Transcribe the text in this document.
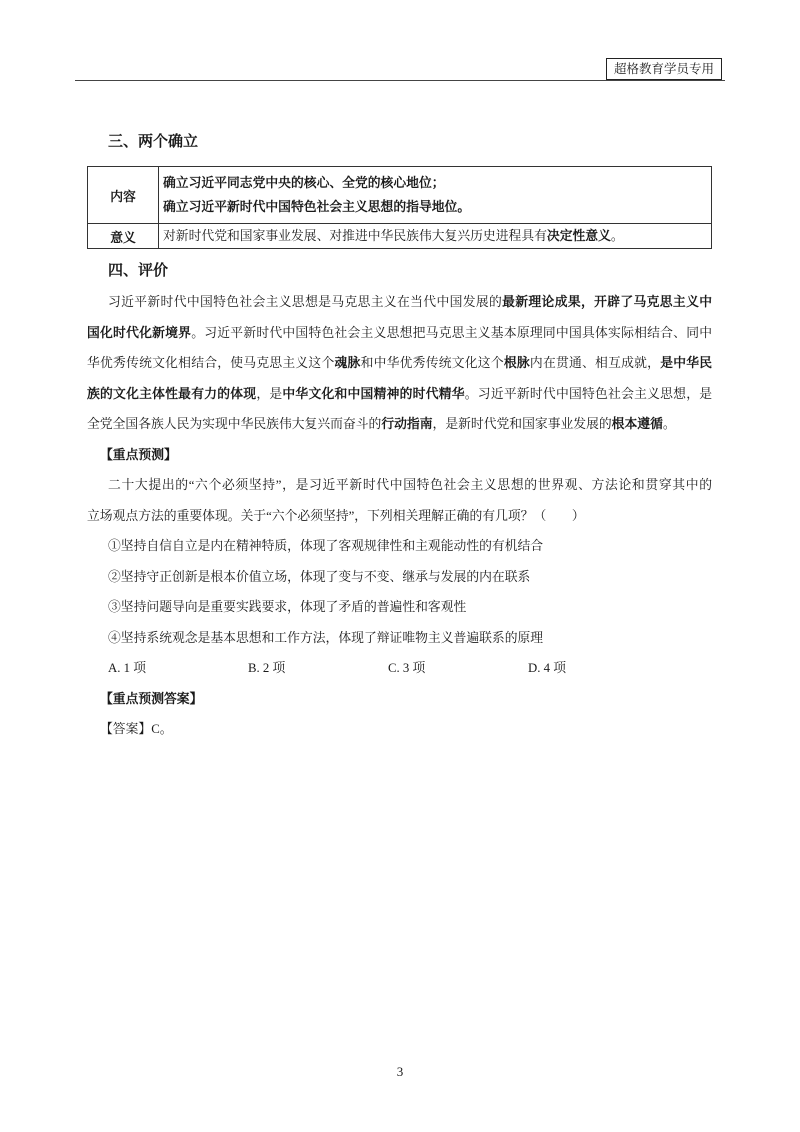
超格教育学员专用
三、两个确立
内容	确立习近平同志党中央的核心、全党的核心地位；
确立习近平新时代中国特色社会主义思想的指导地位。

意义	对新时代党和国家事业发展、对推进中华民族伟大复兴历史进程具有决定性意义。
四、评价
习近平新时代中国特色社会主义思想是马克思主义在当代中国发展的最新理论成果，开辟了马克思主义中
国化时代化新境界。习近平新时代中国特色社会主义思想把马克思主义基本原理同中国具体实际相结合、同中
华优秀传统文化相结合，使马克思主义这个魂脉和中华优秀传统文化这个根脉内在贯通、相互成就，是中华民
族的文化主体性最有力的体现，是中华文化和中国精神的时代精华。习近平新时代中国特色社会主义思想，是
全党全国各族人民为实现中华民族伟大复兴而奋斗的行动指南，是新时代党和国家事业发展的根本遵循。
【重点预测】
二十大提出的“六个必须坚持”，是习近平新时代中国特色社会主义思想的世界观、方法论和贯穿其中的
立场观点方法的重要体现。关于“六个必须坚持”，下列相关理解正确的有几项？（　　）
①坚持自信自立是内在精神特质，体现了客观规律性和主观能动性的有机结合
②坚持守正创新是根本价值立场，体现了变与不变、继承与发展的内在联系
③坚持问题导向是重要实践要求，体现了矛盾的普遍性和客观性
④坚持系统观念是基本思想和工作方法，体现了辩证唯物主义普遍联系的原理
A. 1 项	B. 2 项	C. 3 项	D. 4 项
【重点预测答案】
【答案】C。
3
